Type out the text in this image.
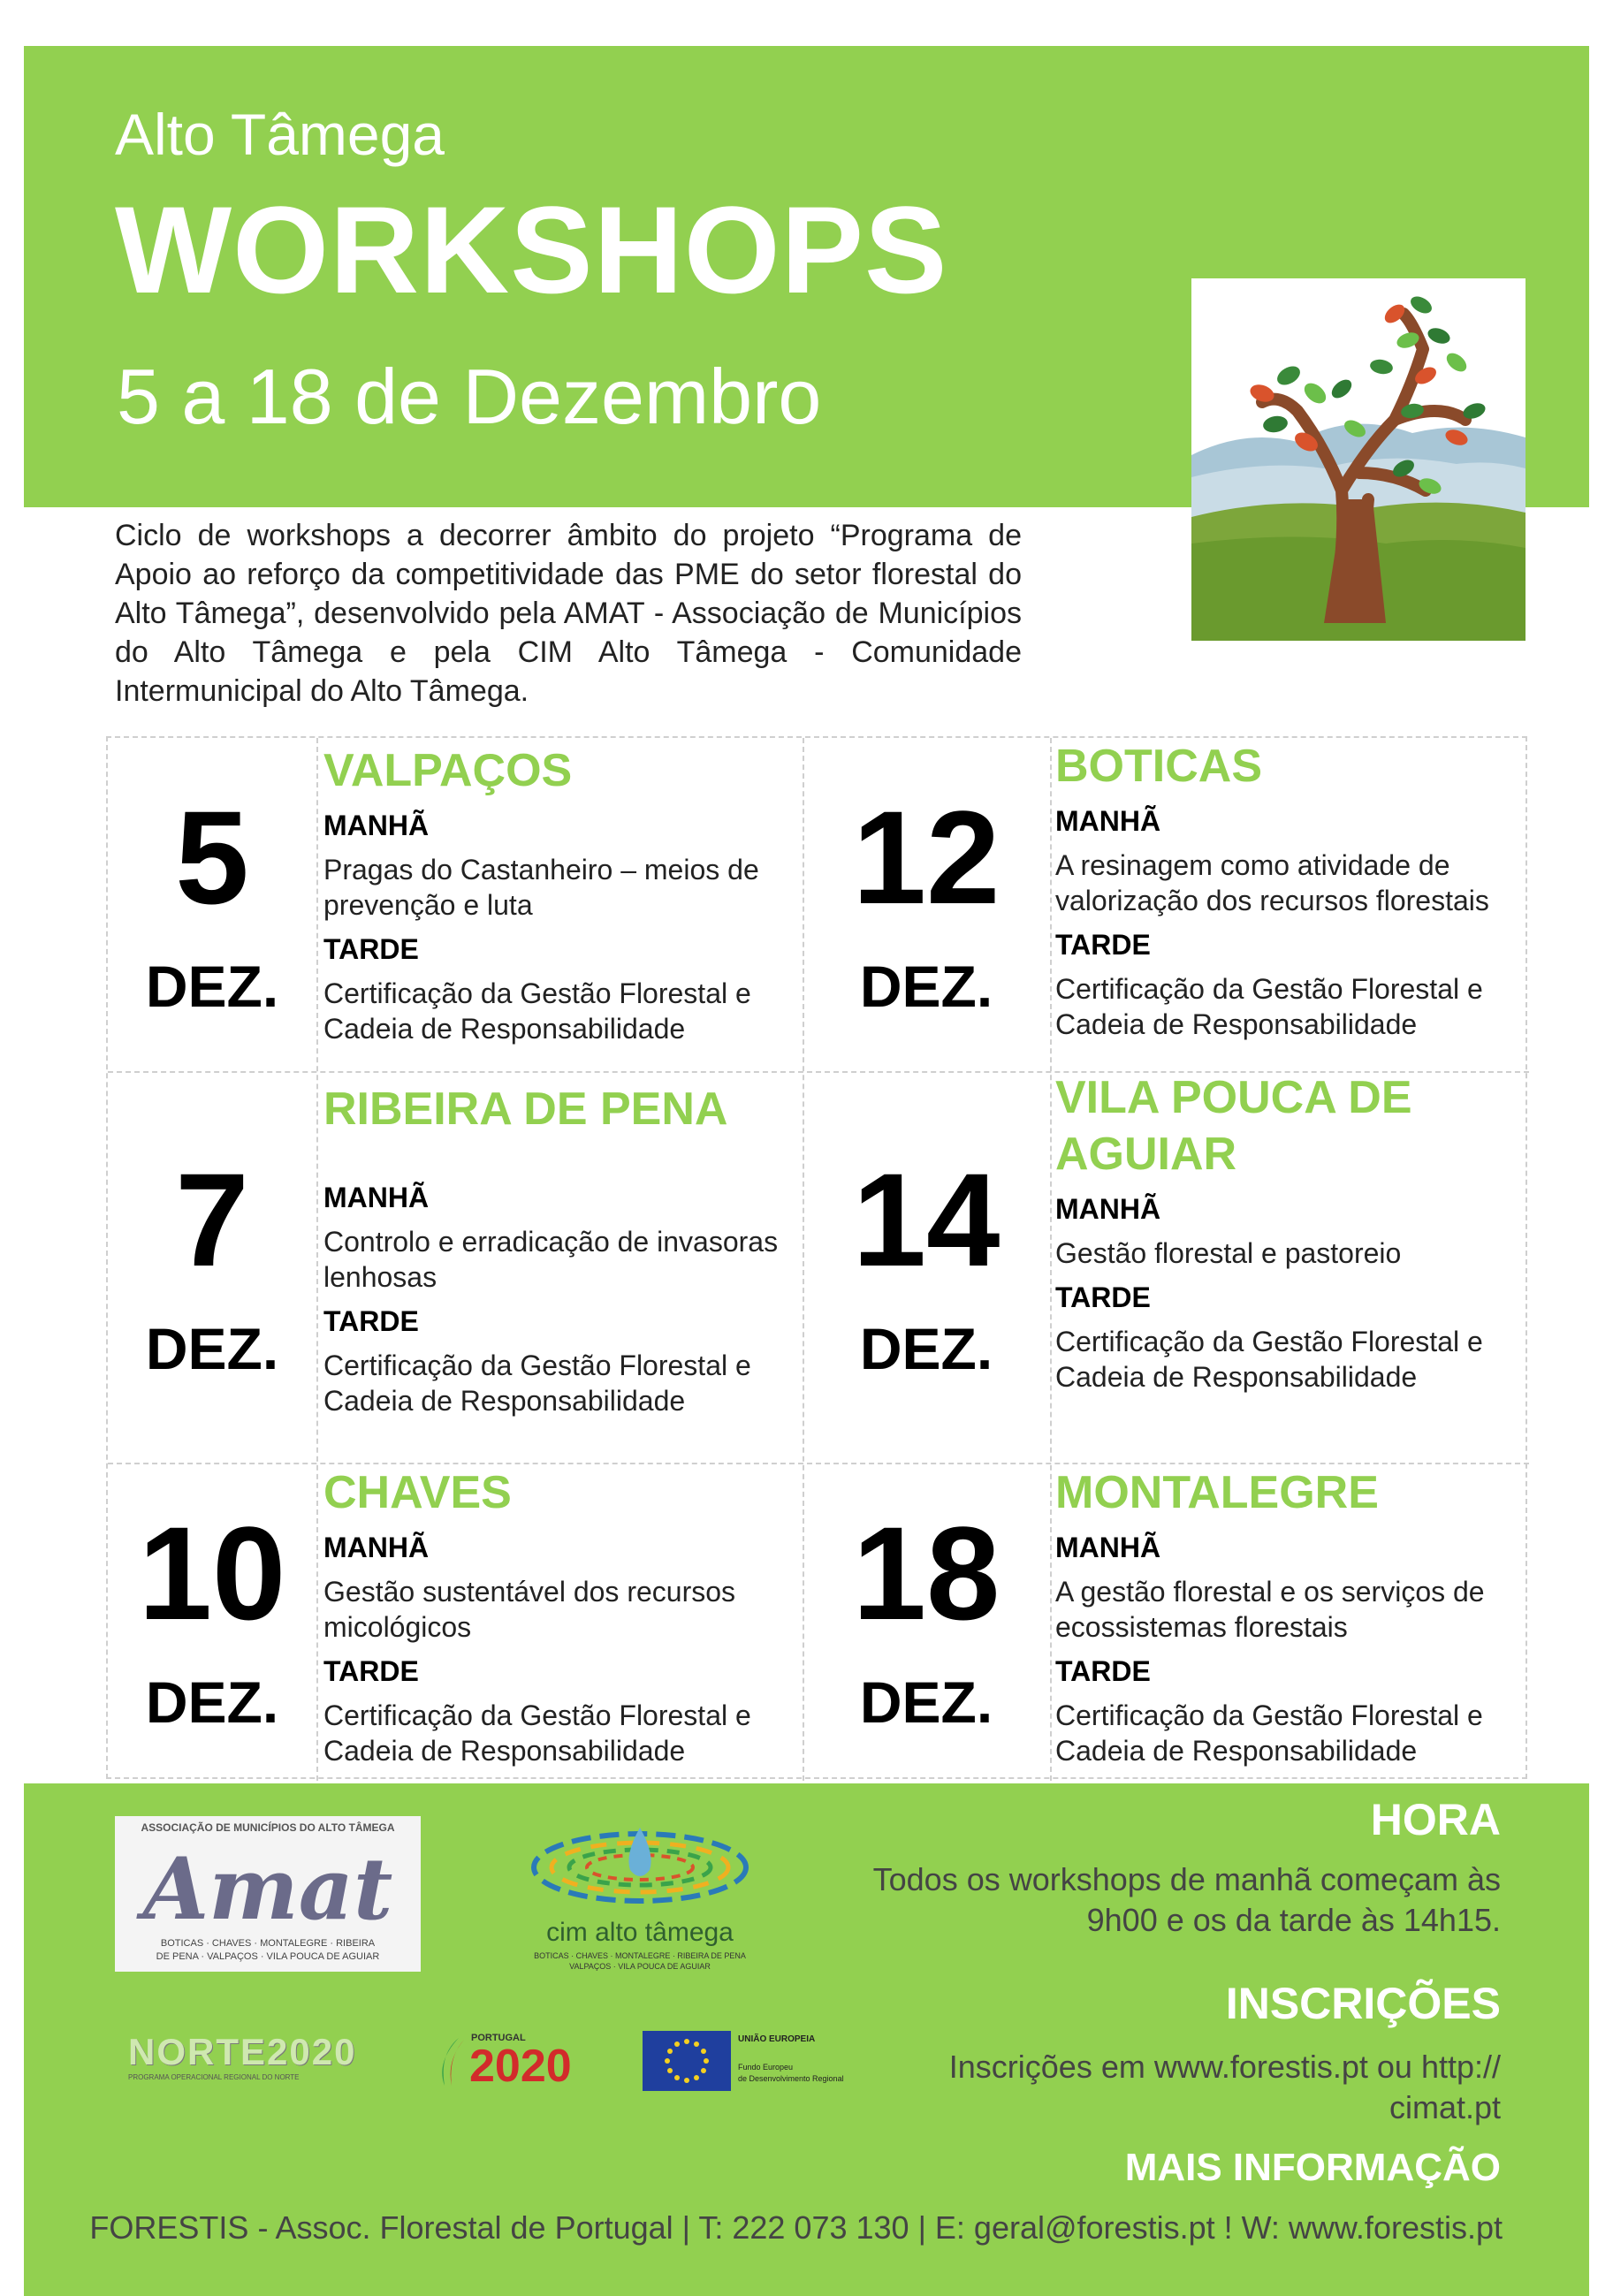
Alto Tâmega
WORKSHOPS
5 a 18 de Dezembro
Ciclo de workshops a decorrer âmbito do projeto “Programa de Apoio ao reforço da competitividade das PME do setor florestal do Alto Tâmega”, desenvolvido pela AMAT - Associação de Municípios do Alto Tâmega e pela CIM Alto Tâmega - Comunidade Intermunicipal do Alto Tâmega.
5
DEZ.
VALPAÇOS
MANHÃ
Pragas do Castanheiro – meios de prevenção e luta
TARDE
Certificação da Gestão Florestal e Cadeia de Responsabilidade
12
DEZ.
BOTICAS
MANHÃ
A resinagem como atividade de valorização dos recursos florestais
TARDE
Certificação da Gestão Florestal e Cadeia de Responsabilidade
7
DEZ.
RIBEIRA DE PENA
MANHÃ
Controlo e erradicação de invasoras lenhosas
TARDE
Certificação da Gestão Florestal e Cadeia de Responsabilidade
14
DEZ.
VILA POUCA DE AGUIAR
MANHÃ
Gestão florestal e pastoreio
TARDE
Certificação da Gestão Florestal e Cadeia de Responsabilidade
10
DEZ.
CHAVES
MANHÃ
Gestão sustentável dos recursos micológicos
TARDE
Certificação da Gestão Florestal e Cadeia de Responsabilidade
18
DEZ.
MONTALEGRE
MANHÃ
A gestão florestal e os serviços de ecossistemas florestais
TARDE
Certificação da Gestão Florestal e Cadeia de Responsabilidade
ASSOCIAÇÃO DE MUNICÍPIOS DO ALTO TÂMEGA
Amat
BOTICAS · CHAVES · MONTALEGRE · RIBEIRA
DE PENA · VALPAÇOS · VILA POUCA DE AGUIAR
cim alto tâmega
BOTICAS · CHAVES · MONTALEGRE · RIBEIRA DE PENA
VALPAÇOS · VILA POUCA DE AGUIAR
NORTE2020
PROGRAMA OPERACIONAL REGIONAL DO NORTE
PORTUGAL
2020
UNIÃO EUROPEIA
Fundo Europeu
de Desenvolvimento Regional
HORA
Todos os workshops de manhã começam às
9h00 e os da tarde às 14h15.
INSCRIÇÕES
Inscrições em www.forestis.pt ou http://
cimat.pt
MAIS INFORMAÇÃO
FORESTIS - Assoc. Florestal de Portugal | T: 222 073 130 | E: geral@forestis.pt ! W: www.forestis.pt
